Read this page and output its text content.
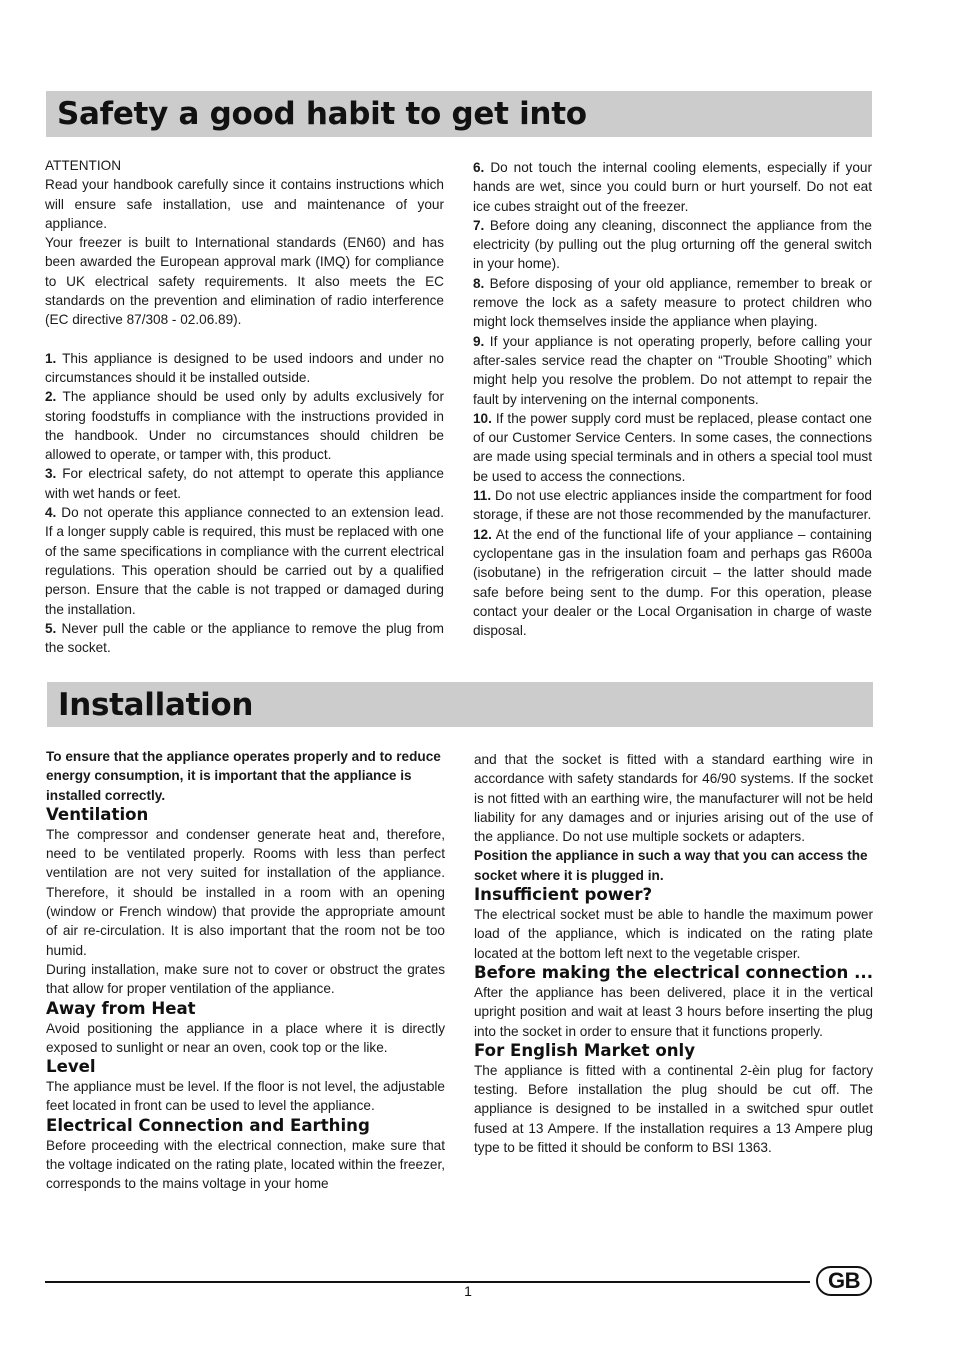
Safety a good habit to get into

ATTENTION

Read your handbook carefully since it contains instructions which will ensure safe installation, use and maintenance of your appliance.

Your freezer is built to International standards (EN60) and has been awarded the European approval mark (IMQ) for compliance to UK electrical safety requirements. It also meets the EC standards on the prevention and elimination of radio interference (EC directive 87/308 - 02.06.89).

1. This appliance is designed to be used indoors and under no circumstances should it be installed outside.

2. The appliance should be used only by adults exclusively for storing foodstuffs in compliance with the instructions provided in the handbook. Under no circumstances should children be allowed to operate, or tamper with, this product.

3. For electrical safety, do not attempt to operate this appliance with wet hands or feet.

4. Do not operate this appliance connected to an extension lead. If a longer supply cable is required, this must be replaced with one of the same specifications in compliance with the current electrical regulations. This operation should be carried out by a qualified person. Ensure that the cable is not trapped or damaged during the installation.

5. Never pull the cable or the appliance to remove the plug from the socket.

6. Do not touch the internal cooling elements, especially if your hands are wet, since you could burn or hurt yourself. Do not eat ice cubes straight out of the freezer.

7. Before doing any cleaning, disconnect the appliance from the electricity (by pulling out the plug orturning off the general switch in your home).

8. Before disposing of your old appliance, remember to break or remove the lock as a safety measure to protect children who might lock themselves inside the appliance when playing.

9. If your appliance is not operating properly, before calling your after-sales service read the chapter on “Trouble Shooting” which might help you resolve the problem. Do not attempt to repair the fault by intervening on the internal components.

10. If the power supply cord must be replaced, please contact one of our Customer Service Centers. In some cases, the connections are made using special terminals and in others a special tool must be used to access the connections.

11. Do not use electric appliances inside the compartment for food storage, if these are not those recommended by the manufacturer.

12. At the end of the functional life of your appliance – containing cyclopentane gas in the insulation foam and perhaps gas R600a (isobutane) in the refrigeration circuit – the latter should made safe before being sent to the dump. For this operation, please contact your dealer or the Local Organisation in charge of waste disposal.

Installation

To ensure that the appliance operates properly and to reduce energy consumption, it is important that the appliance is installed correctly.

Ventilation

The compressor and condenser generate heat and, therefore, need to be ventilated properly. Rooms with less than perfect ventilation are not very suited for installation of the appliance. Therefore, it should be installed in a room with an opening (window or French window) that provide the appropriate amount of air re-circulation. It is also important that the room not be too humid.

During installation, make sure not to cover or obstruct the grates that allow for proper ventilation of the appliance.

Away from Heat

Avoid positioning the appliance in a place where it is directly exposed to sunlight or near an oven, cook top or the like.

Level

The appliance must be level. If the floor is not level, the adjustable feet located in front can be used to level the appliance.

Electrical Connection and Earthing

Before proceeding with the electrical connection, make sure that the voltage indicated on the rating plate, located within the freezer, corresponds to the mains voltage in your home

and that the socket is fitted with a standard earthing wire in accordance with safety standards for 46/90 systems. If the socket is not fitted with an earthing wire, the manufacturer will not be held liability for any damages and or injuries arising out of the use of the appliance. Do not use multiple sockets or adapters.

Position the appliance in such a way that you can access the socket where it is plugged in.

Insufficient power?

The electrical socket must be able to handle the maximum power load of the appliance, which is indicated on the rating plate located at the bottom left next to the vegetable crisper.

Before making the electrical connection ...

After the appliance has been delivered, place it in the vertical upright position and wait at least 3 hours before inserting the plug into the socket in order to ensure that it functions properly.

For English Market only

The appliance is fitted with a continental 2-èin plug for factory testing. Before installation the plug should be cut off. The appliance is designed to be installed in a switched spur outlet fused at 13 Ampere. If the installation requires a 13 Ampere plug type to be fitted it should be conform to BSI 1363.

1	GB
